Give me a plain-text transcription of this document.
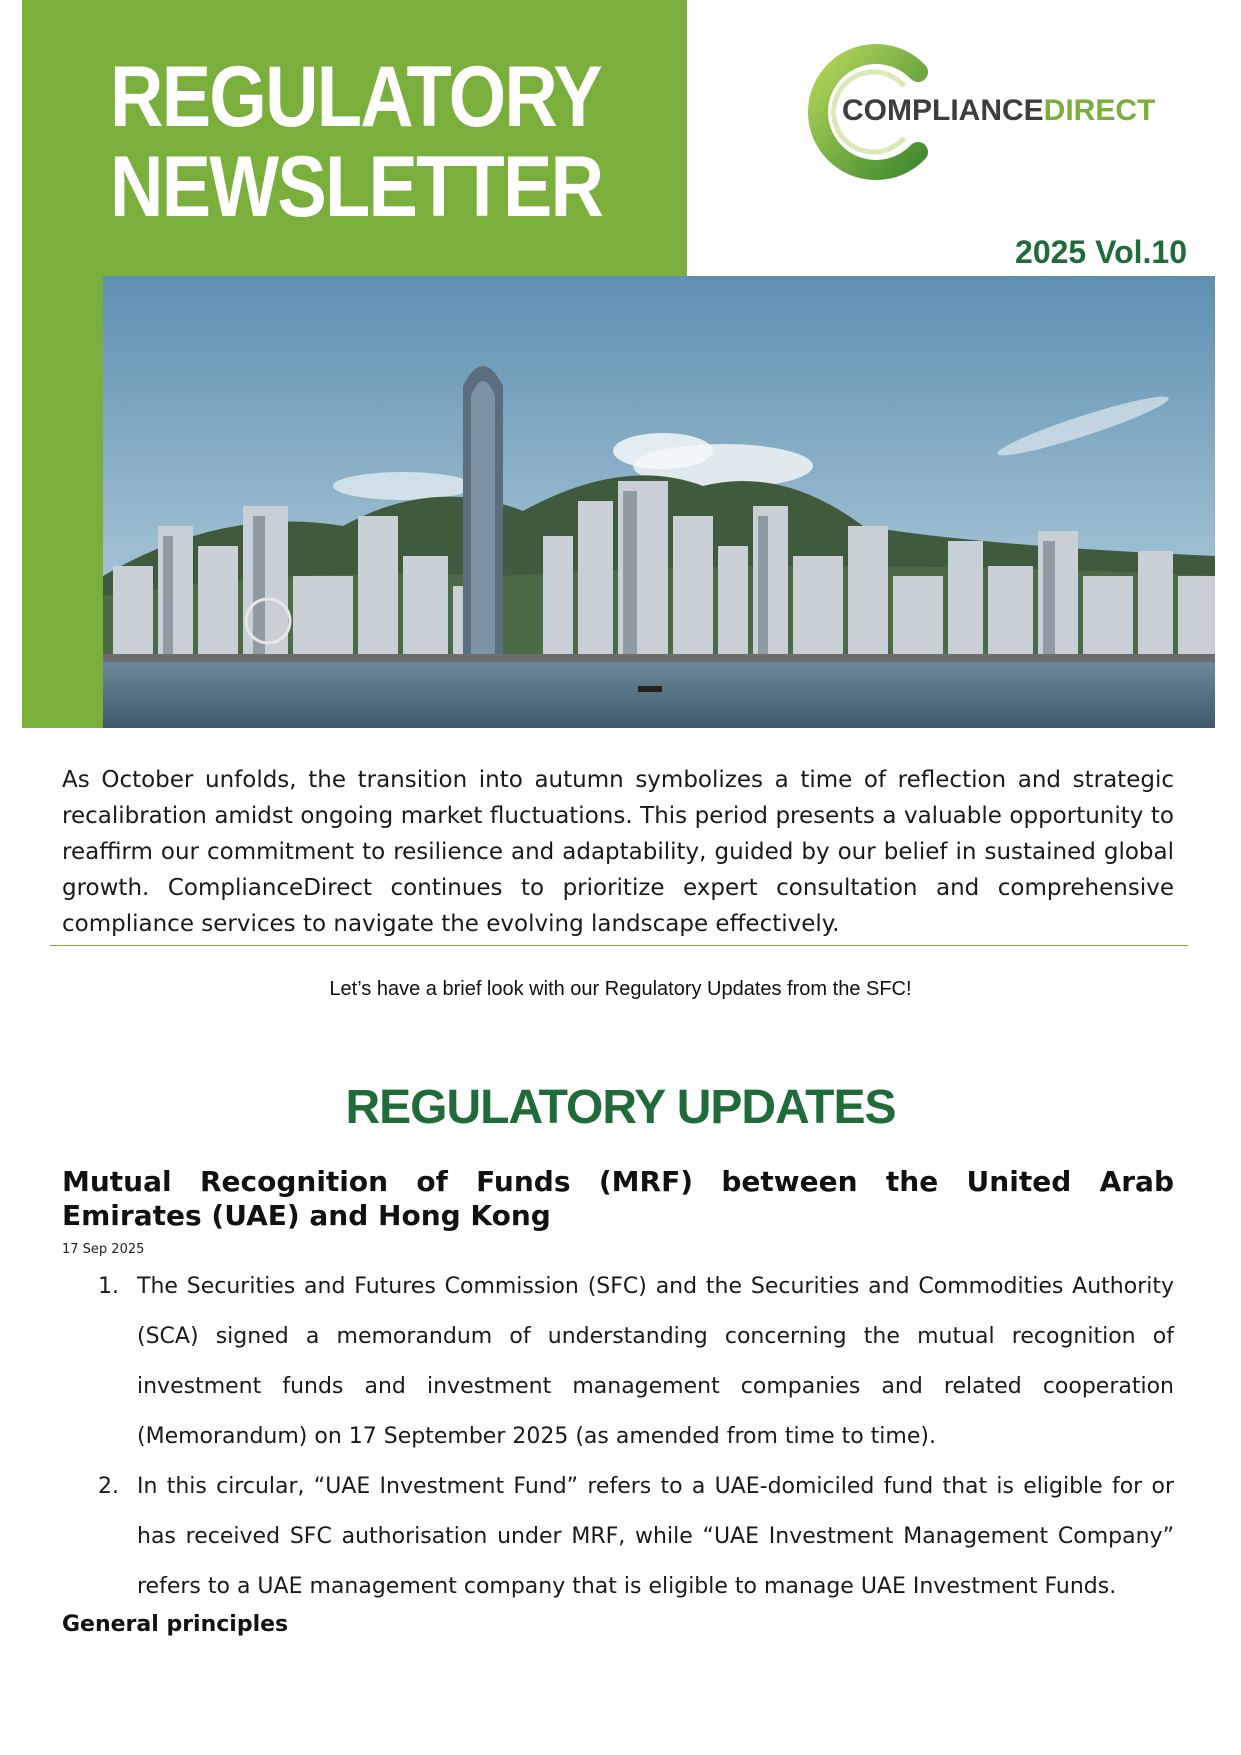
REGULATORY
NEWSLETTER
COMPLIANCEDIRECT
2025 Vol.10

As October unfolds, the transition into autumn symbolizes a time of reflection and strategic recalibration amidst ongoing market fluctuations. This period presents a valuable opportunity to reaffirm our commitment to resilience and adaptability, guided by our belief in sustained global growth. ComplianceDirect continues to prioritize expert consultation and comprehensive compliance services to navigate the evolving landscape effectively.

Let’s have a brief look with our Regulatory Updates from the SFC!
REGULATORY UPDATES
Mutual Recognition of Funds (MRF) between the United Arab Emirates (UAE) and Hong Kong
17 Sep 2025
1. The Securities and Futures Commission (SFC) and the Securities and Commodities Authority (SCA) signed a memorandum of understanding concerning the mutual recognition of investment funds and investment management companies and related cooperation (Memorandum) on 17 September 2025 (as amended from time to time).
2. In this circular, “UAE Investment Fund” refers to a UAE-domiciled fund that is eligible for or has received SFC authorisation under MRF, while “UAE Investment Management Company” refers to a UAE management company that is eligible to manage UAE Investment Funds.
General principles
